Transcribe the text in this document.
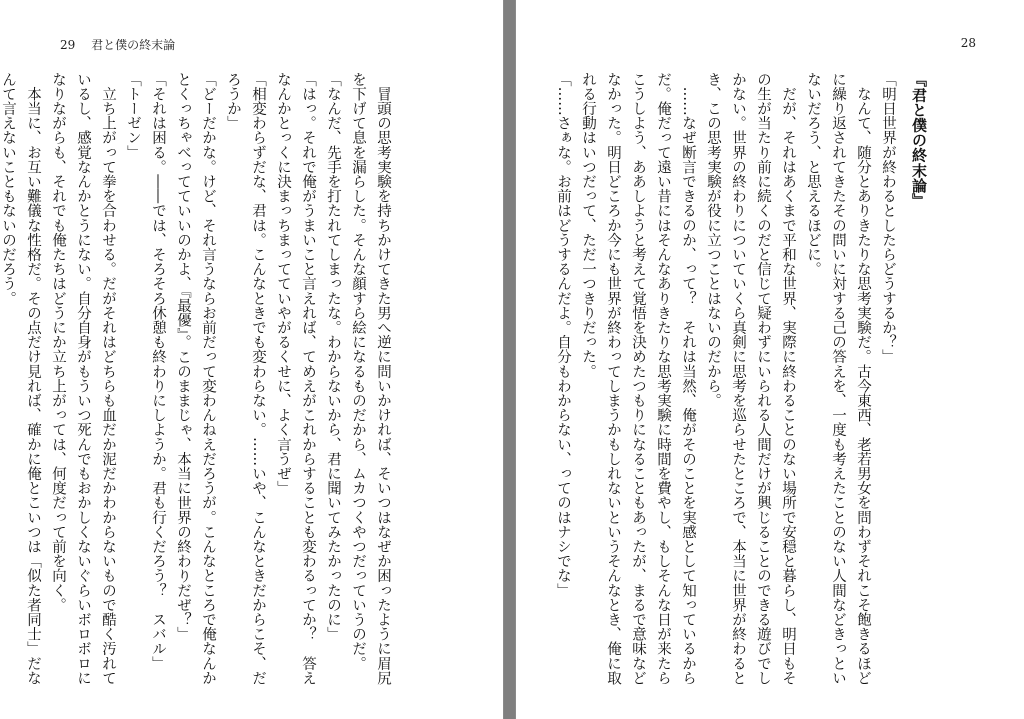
29 君と僕の終末論
　冒頭の思考実験を持ちかけてきた男へ逆に問いかければ、そいつはなぜか困ったように眉尻
を下げて息を漏らした。そんな顔すら絵になるものだから、ムカつくやつだっていうのだ。
「なんだ、先手を打たれてしまったな。わからないから、君に聞いてみたかったのに」
「はっ。それで俺がうまいこと言えれば、てめえがこれからすることも変わるってか？　答え
なんかとっくに決まっちまってていやがるくせに、よく言うぜ」
「相変わらずだな、君は。こんなときでも変わらない。……いや、こんなときだからこそ、だ
ろうか」
「どーだかな。けど、それ言うならお前だって変わんねえだろうが。こんなところで俺なんか
とくっちゃべってていいのかよ、『最優』。このままじゃ、本当に世界の終わりだぜ？」
「それは困る。――では、そろそろ休憩も終わりにしようか。君も行くだろう？　スバル」
「トーゼン」
　立ち上がって拳を合わせる。だがそれはどちらも血だか泥だかわからないもので酷く汚れて
いるし、感覚なんかとうにない。自分自身がもういつ死んでもおかしくないぐらいボロボロに
なりながらも、それでも俺たちはどうにか立ち上がっては、何度だって前を向く。
　本当に、お互い難儀な性格だ。その点だけ見れば、確かに俺とこいつは「似た者同士」だな
んて言えないこともないのだろう。
28
『君と僕の終末論』
「明日世界が終わるとしたらどうするか？」
　なんて、随分とありきたりな思考実験だ。古今東西、老若男女を問わずそれこそ飽きるほど
に繰り返されてきたその問いに対する己の答えを、一度も考えたことのない人間などきっとい
ないだろう、と思えるほどに。
　だが、それはあくまで平和な世界、実際に終わることのない場所で安穏と暮らし、明日もそ
の生が当たり前に続くのだと信じて疑わずにいられる人間だけが興じることのできる遊びでし
かない。世界の終わりについていくら真剣に思考を巡らせたところで、本当に世界が終わると
き、この思考実験が役に立つことはないのだから。
　……なぜ断言できるのか、って？　それは当然、俺がそのことを実感として知っているから
だ。俺だって遠い昔にはそんなありきたりな思考実験に時間を費やし、もしそんな日が来たら
こうしよう、ああしようと考えて覚悟を決めたつもりになることもあったが、まるで意味など
なかった。明日どころか今にも世界が終わってしまうかもしれないというそんなとき、俺に取
れる行動はいつだって、ただ一つきりだった。
「……さぁな。お前はどうするんだよ。自分もわからない、ってのはナシでな」
